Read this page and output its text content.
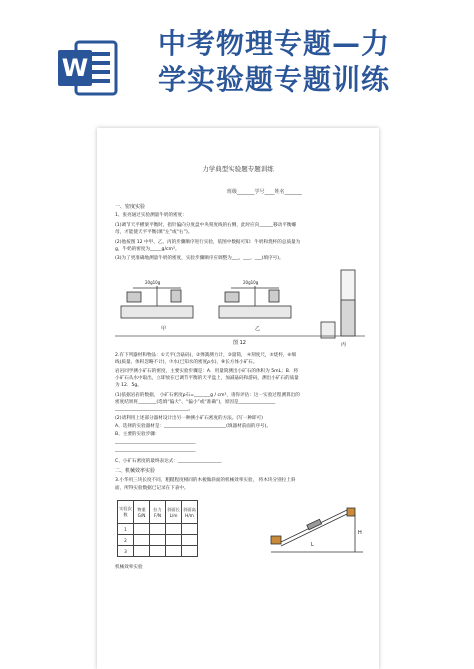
W
中考物理专题—力
学实验题专题训练
力学典型实验题专题训练
班级_______学号____姓名_______
一、密度实验
1、张亮通过实验测量牛奶的密度：
(1)调节天平横梁平衡时，指针偏向分度盘中央刻度线的右侧，此时应向______移动平衡螺
母，才能使天平平衡(填“左”或“右”)。
(2)他按图 12 中甲、乙、丙的步骤顺序进行实验，依图中数据可知：牛奶和烧杯的总质量为
g，牛奶的密度为_____g/cm³。
(3)为了更准确地测量牛奶的密度，实验步骤顺序应调整为___、___、___(填序号)。
20g10g	20g10g
甲	乙
图 12	丙
2.有下列器材和物品：①天平(含砝码)，②弹簧测力计，③量筒， ④刻度尺，⑤烧杯，⑥细
线(质量、体积忽略不计)，⑦水(已知水的密度ρ水)，⑧长方体小矿石。
岩岩同学测小矿石的密度，主要实验步骤是：A．用量筒测出小矿石的体积为 5mL；B．将
小矿石从水中取出，立即放在已调节平衡的天平盘上，加减砝码和游码，测出小矿石的质量
为 12．5g。
(1)依据岩岩的数据， 小矿石密度ρ石=_______g / cm³，请你评估：这一实验过程测算出的
密度结果将________(选填“偏大”、“偏小”或“准确”)，原因是________________
________________________________。
(2)请利用上述部分器材设计出另一种测小矿石密度的方法。(写一种即可)
A、选择的实验器材是：___________________________(填器材前面的序号)。
B、主要的实验步骤：
___________________________________
___________________________________
C、小矿石密度的最终表达式：___________________
二、机械效率实验
3.小华用三块长度不同，粗糙程度相同的木板做斜面的机械效率实验， 将木块分别拉上斜
面，所得实验数据已记录在下表中。
实验次数	物重G/N	拉力F/N	斜面长L/m	斜面高H/m
1				
2				
3				
L
H
机械效率实验
